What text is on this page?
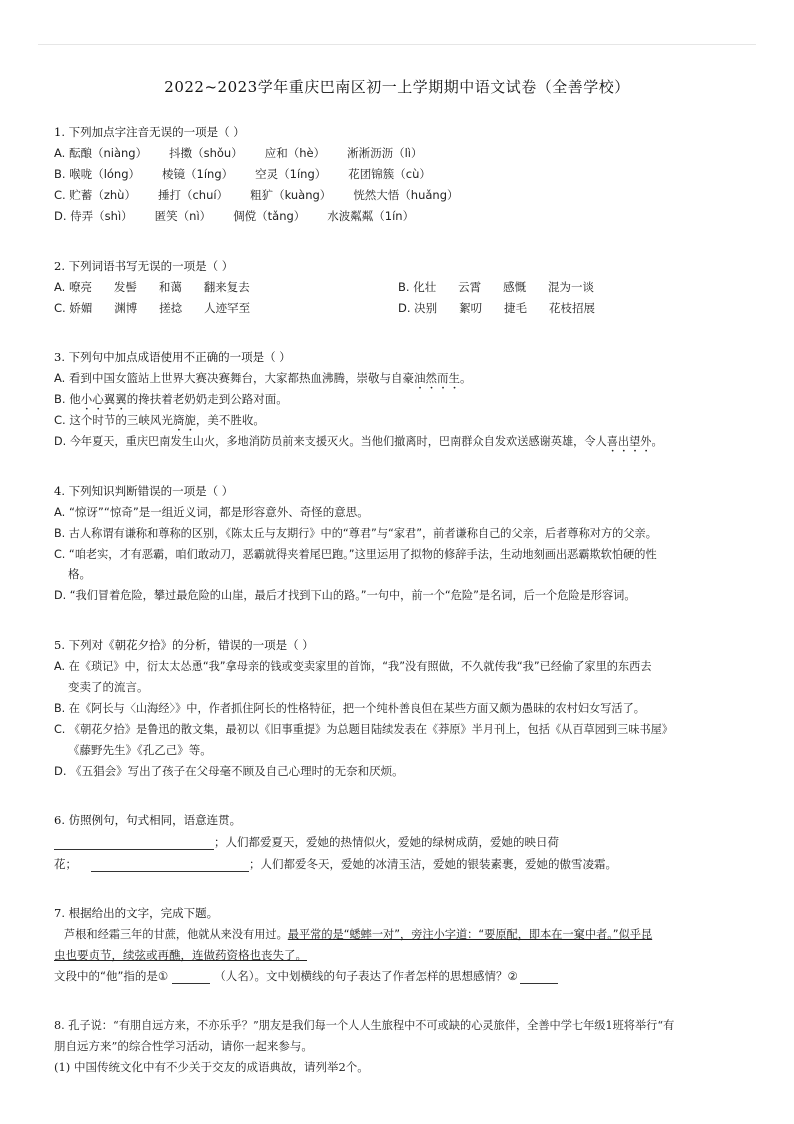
2022~2023学年重庆巴南区初一上学期期中语文试卷（全善学校）
1. 下列加点字注音无误的一项是（ ）
A. 酝酿（niàng） 抖擞（shǒu） 应和（hè） 淅淅沥沥（lì）
B. 喉咙（lóng） 棱镜（1íng） 空灵（1íng） 花团锦簇（cù）
C. 贮蓄（zhù） 捶打（chuí） 粗犷（kuàng） 恍然大悟（huǎng）
D. 侍弄（shì） 匿笑（nì） 倜傥（tǎng） 水波粼粼（1ín）
2. 下列词语书写无误的一项是（ ）
A. 嘹亮      发髻      和蔼      翻来复去	B. 化壮      云霄      感慨      混为一谈
C. 娇媚      渊博      搓捻      人迹罕至	D. 决别      絮叨      捷毛      花枝招展
3. 下列句中加点成语使用不正确的一项是（ ）
A. 看到中国女篮站上世界大赛决赛舞台，大家都热血沸腾，崇敬与自豪油然而生。
B. 他小心翼翼的搀扶着老奶奶走到公路对面。
C. 这个时节的三峡风光旖旎，美不胜收。
D. 今年夏天，重庆巴南发生山火，多地消防员前来支援灭火。当他们撤离时，巴南群众自发欢送感谢英雄，令人喜出望外。
4. 下列知识判断错误的一项是（ ）
A. “惊讶”“惊奇”是一组近义词，都是形容意外、奇怪的意思。
B. 古人称谓有谦称和尊称的区别，《陈太丘与友期行》中的“尊君”与“家君”，前者谦称自己的父亲，后者尊称对方的父亲。
C. “咱老实，才有恶霸，咱们敢动刀，恶霸就得夹着尾巴跑。”这里运用了拟物的修辞手法，生动地刻画出恶霸欺软怕硬的性
格。
D. “我们冒着危险，攀过最危险的山崖，最后才找到下山的路。”一句中，前一个“危险”是名词，后一个危险是形容词。
5. 下列对《朝花夕拾》的分析，错误的一项是（ ）
A. 在《琐记》中，衍太太怂恿“我”拿母亲的钱或变卖家里的首饰，“我”没有照做，不久就传我“我”已经偷了家里的东西去
变卖了的流言。
B. 在《阿长与〈山海经〉》中，作者抓住阿长的性格特征，把一个纯朴善良但在某些方面又颇为愚昧的农村妇女写活了。
C. 《朝花夕拾》是鲁迅的散文集，最初以《旧事重提》为总题目陆续发表在《莽原》半月刊上，包括《从百草园到三味书屋》
《藤野先生》《孔乙己》等。
D. 《五猖会》写出了孩子在父母毫不顾及自己心理时的无奈和厌烦。
6. 仿照例句，句式相同，语意连贯。
；人们都爱夏天，爱她的热情似火，爱她的绿树成荫，爱她的映日荷
花；	；人们都爱冬天，爱她的冰清玉洁，爱她的银装素裹，爱她的傲雪凌霜。
7. 根据给出的文字，完成下题。
芦根和经霜三年的甘蔗，他就从来没有用过。最平常的是“蟋蟀一对”，旁注小字道：“要原配，即本在一窠中者。”似乎昆
虫也要贞节，续弦或再醮，连做药资格也丧失了。
文段中的“他”指的是①	（人名）。文中划横线的句子表达了作者怎样的思想感情？②
8. 孔子说：“有朋自远方来，不亦乐乎？”朋友是我们每一个人人生旅程中不可或缺的心灵旅伴，全善中学七年级1班将举行“有
朋自远方来”的综合性学习活动，请你一起来参与。
(1) 中国传统文化中有不少关于交友的成语典故，请列举2个。
